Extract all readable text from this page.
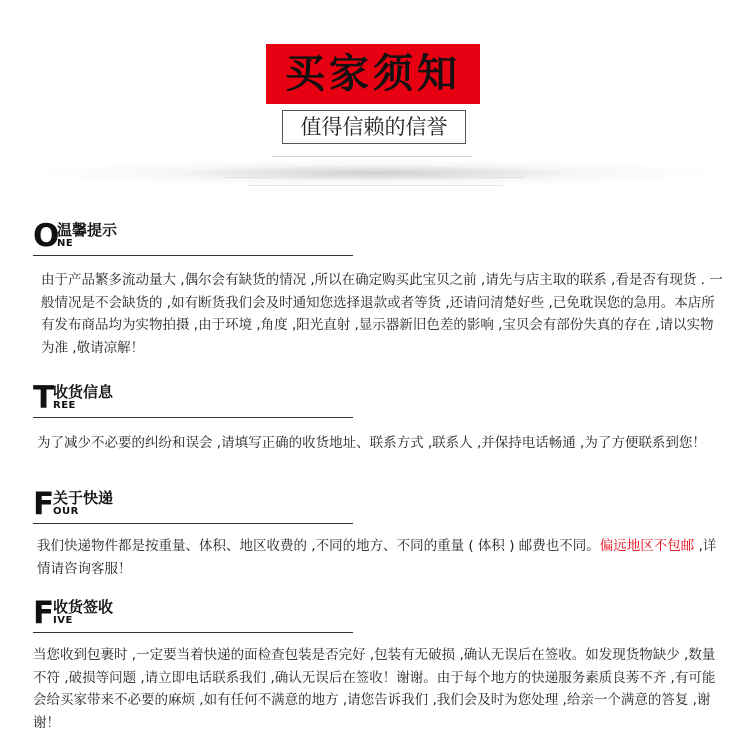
买家须知
值得信赖的信誉
O
温馨提示
NE
由于产品繁多流动量大 ,偶尔会有缺货的情况 ,所以在确定购买此宝贝之前 ,请先与店主取的联系 ,看是否有现货 . 一般情况是不会缺货的 ,如有断货我们会及时通知您选择退款或者等货 ,还请问清楚好些 ,已免耽误您的急用。本店所有发布商品均为实物拍摄 ,由于环境 ,角度 ,阳光直射 ,显示器新旧色差的影响 ,宝贝会有部份失真的存在 ,请以实物为准 ,敬请凉解！
T
收货信息
REE
为了减少不必要的纠纷和误会 ,请填写正确的收货地址、联系方式 ,联系人 ,并保持电话畅通 ,为了方便联系到您！
F
关于快递
OUR
我们快递物件都是按重量、体积、地区收费的 ,不同的地方、不同的重量 ( 体积 ) 邮费也不同。偏远地区不包邮 ,详情请咨询客服！
F
收货签收
IVE
当您收到包裹时 ,一定要当着快递的面检查包装是否完好 ,包装有无破损 ,确认无误后在签收。如发现货物缺少 ,数量不符 ,破损等问题 ,请立即电话联系我们 ,确认无误后在签收！谢谢。由于每个地方的快递服务素质良莠不齐 ,有可能会给买家带来不必要的麻烦 ,如有任何不满意的地方 ,请您告诉我们 ,我们会及时为您处理 ,给亲一个满意的答复 ,谢谢！
